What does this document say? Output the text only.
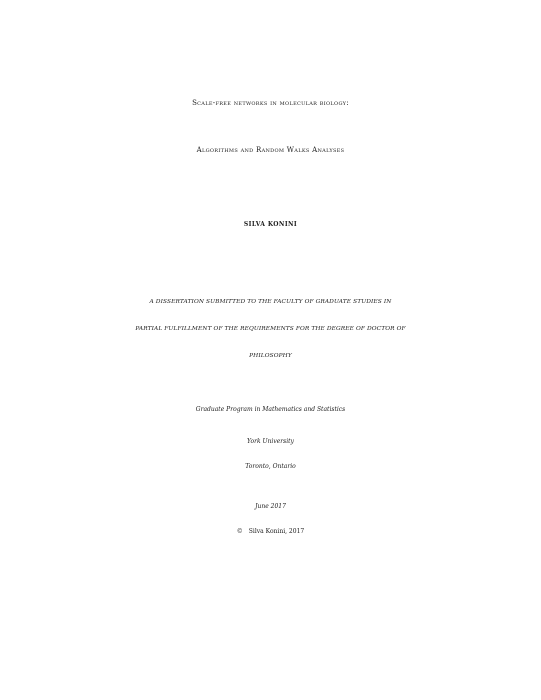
Scale-free networks in molecular biology:
Algorithms and Random Walks Analyses
SILVA KONINI
A DISSERTATION SUBMITTED TO THE FACULTY OF GRADUATE STUDIES IN
PARTIAL FULFILLMENT OF THE REQUIREMENTS FOR THE DEGREE OF DOCTOR OF
PHILOSOPHY
Graduate Program in Mathematics and Statistics
York University
Toronto, Ontario
June 2017
© Silva Konini, 2017
